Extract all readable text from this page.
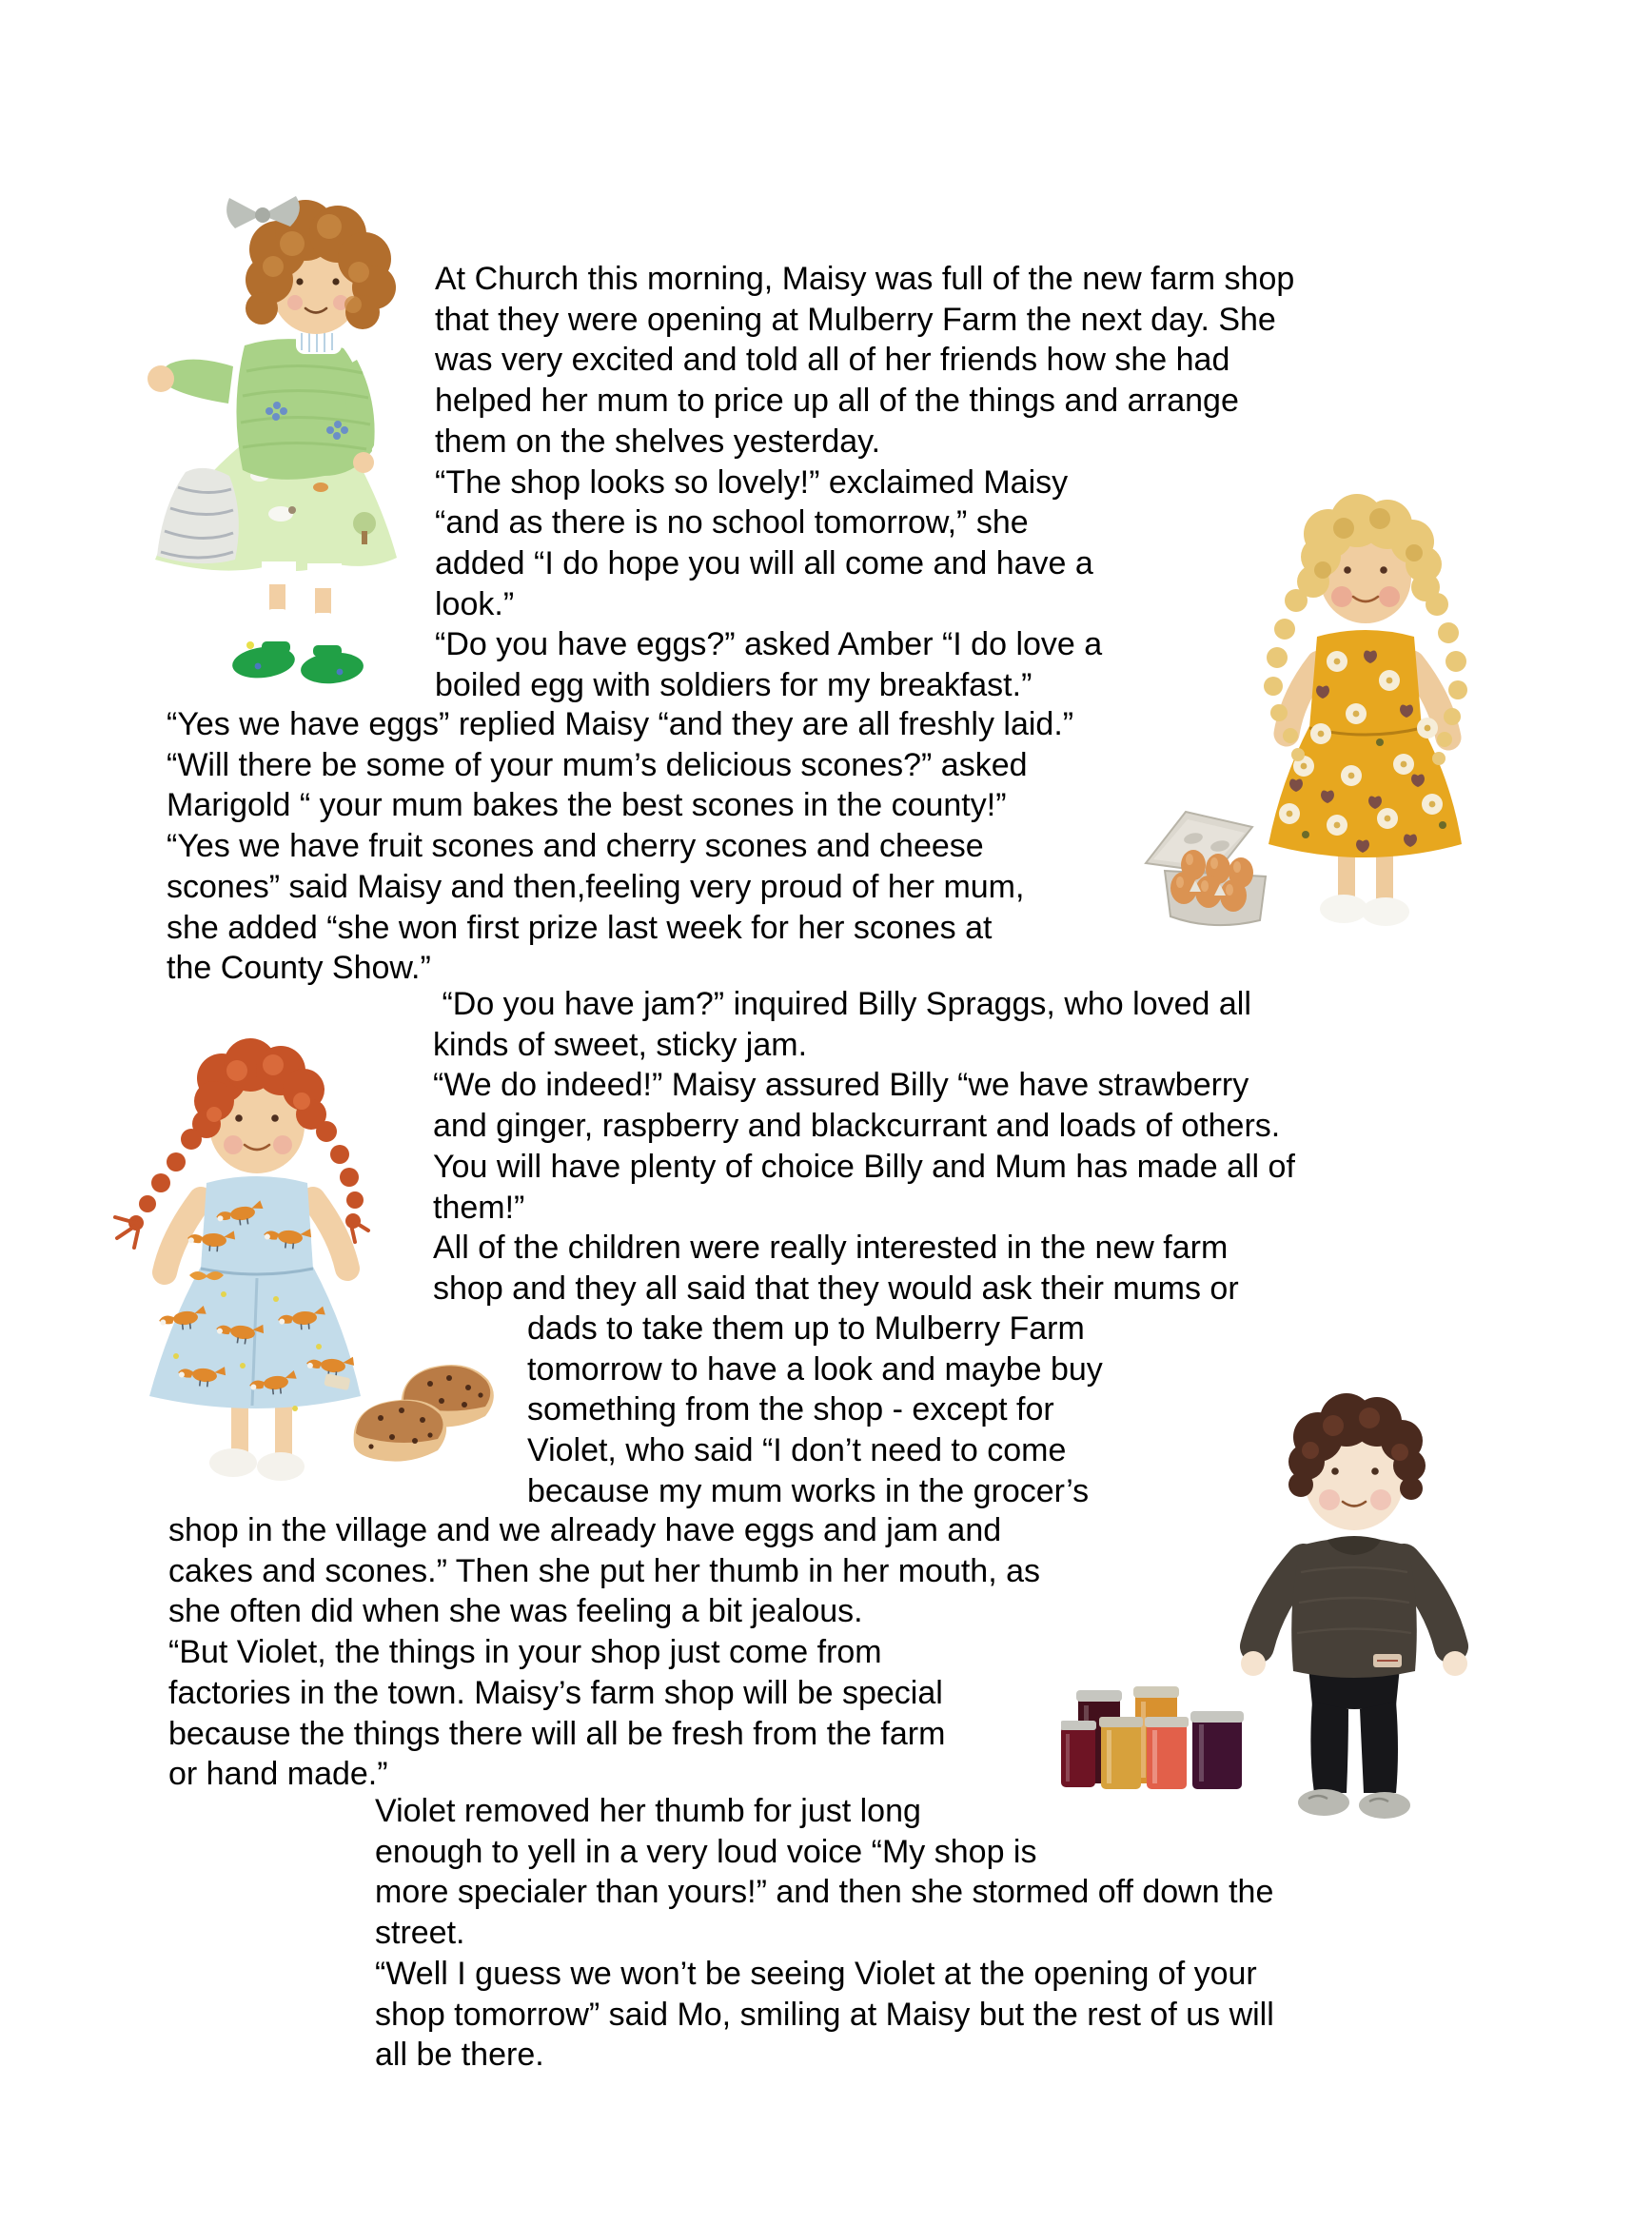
At Church this morning, Maisy was full of the new farm shop
that they were opening at Mulberry Farm the next day. She
was very excited and told all of her friends how she had
helped her mum to price up all of the things and arrange
them on the shelves yesterday.
“The shop looks so lovely!” exclaimed Maisy
“and as there is no school tomorrow,” she
added “I do hope you will all come and have a
look.”
“Do you have eggs?” asked Amber “I do love a
boiled egg with soldiers for my breakfast.”
“Yes we have eggs” replied Maisy “and they are all freshly laid.”
“Will there be some of your mum’s delicious scones?” asked
Marigold “ your mum bakes the best scones in the county!”
“Yes we have fruit scones and cherry scones and cheese
scones” said Maisy and then,feeling very proud of her mum,
she added “she won first prize last week for her scones at
the County Show.”
“Do you have jam?” inquired Billy Spraggs, who loved all
kinds of sweet, sticky jam.
“We do indeed!” Maisy assured Billy “we have strawberry
and ginger, raspberry and blackcurrant and loads of others.
You will have plenty of choice Billy and Mum has made all of
them!”
All of the children were really interested in the new farm
shop and they all said that they would ask their mums or
dads to take them up to Mulberry Farm
tomorrow to have a look and maybe buy
something from the shop - except for
Violet, who said “I don’t need to come
because my mum works in the grocer’s
shop in the village and we already have eggs and jam and
cakes and scones.” Then she put her thumb in her mouth, as
she often did when she was feeling a bit jealous.
“But Violet, the things in your shop just come from
factories in the town. Maisy’s farm shop will be special
because the things there will all be fresh from the farm
or hand made.”
Violet removed her thumb for just long
enough to yell in a very loud voice “My shop is
more specialer than yours!” and then she stormed off down the
street.
“Well I guess we won’t be seeing Violet at the opening of your
shop tomorrow” said Mo, smiling at Maisy but the rest of us will
all be there.
